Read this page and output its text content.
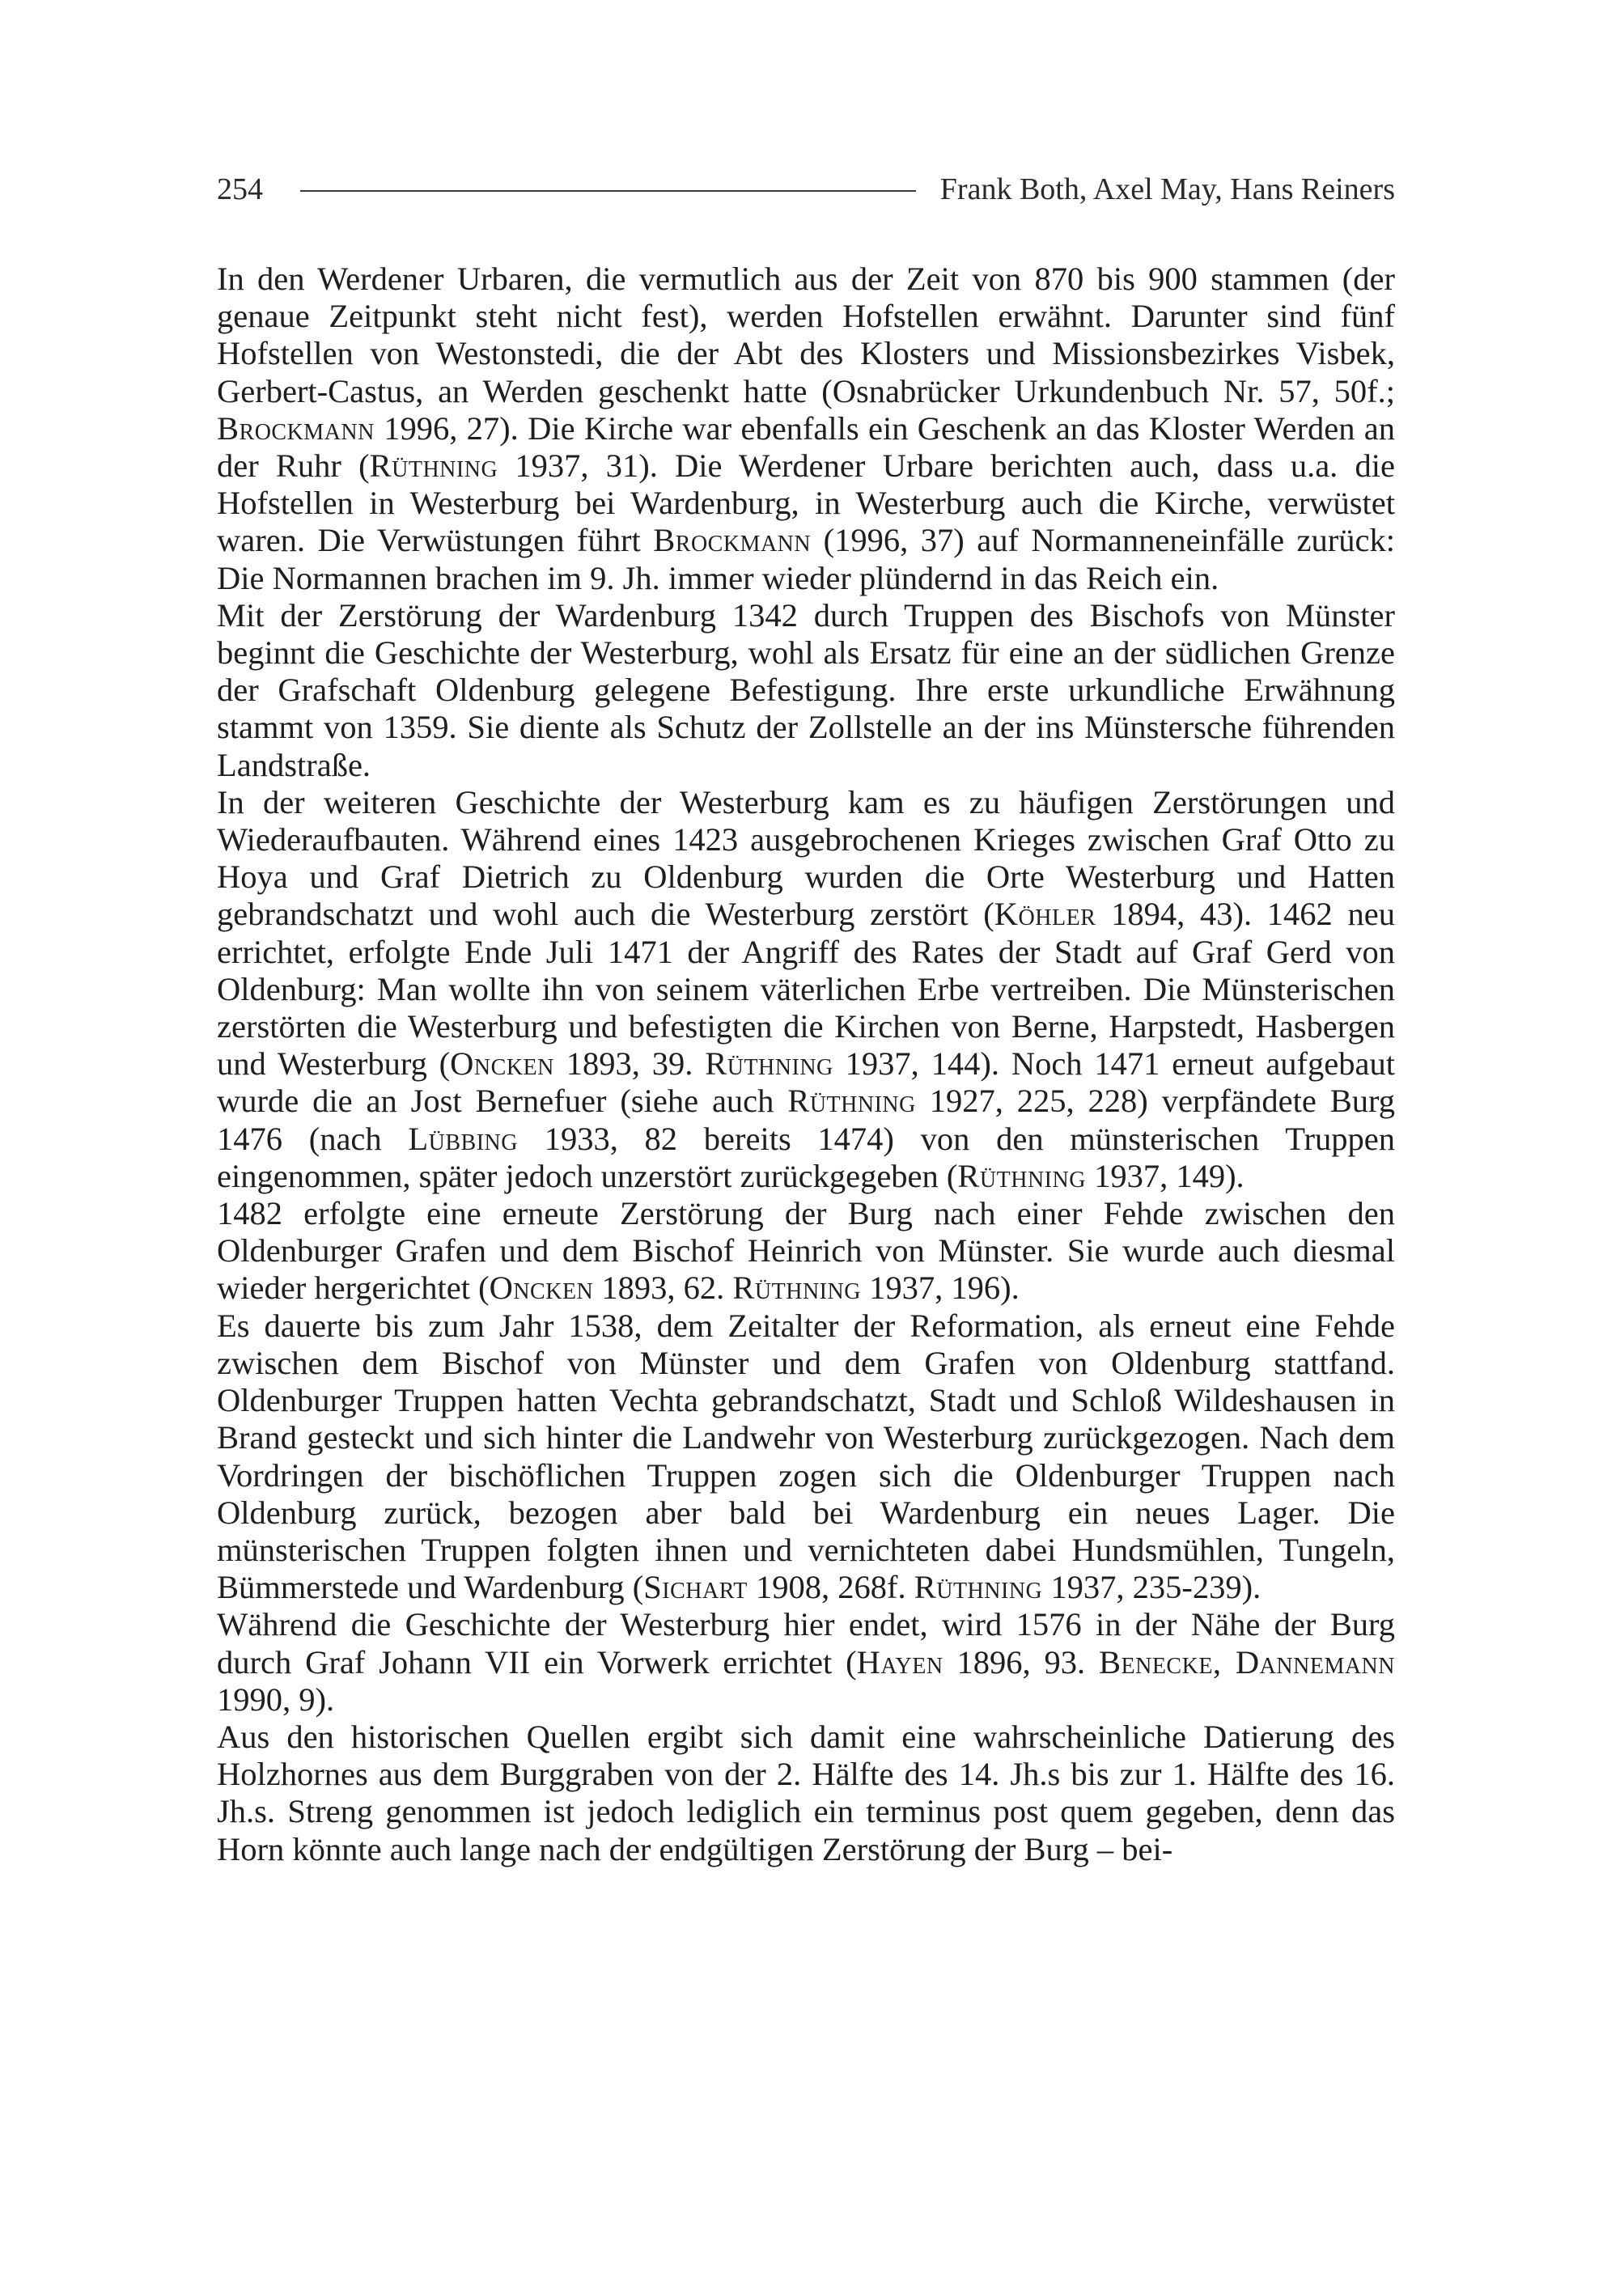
254	Frank Both, Axel May, Hans Reiners

In den Werdener Urbaren, die vermutlich aus der Zeit von 870 bis 900 stammen (der genaue Zeitpunkt steht nicht fest), werden Hofstellen erwähnt. Darunter sind fünf Hofstellen von Westonstedi, die der Abt des Klosters und Missionsbezirkes Visbek, Gerbert-Castus, an Werden geschenkt hatte (Osnabrücker Urkundenbuch Nr. 57, 50f.; Brockmann 1996, 27). Die Kirche war ebenfalls ein Geschenk an das Kloster Werden an der Ruhr (Rüthning 1937, 31). Die Werdener Urbare berichten auch, dass u.a. die Hofstellen in Westerburg bei Wardenburg, in Westerburg auch die Kirche, verwüstet waren. Die Verwüstungen führt Brockmann (1996, 37) auf Normanneneinfälle zurück: Die Normannen brachen im 9. Jh. immer wieder plündernd in das Reich ein.

Mit der Zerstörung der Wardenburg 1342 durch Truppen des Bischofs von Münster beginnt die Geschichte der Westerburg, wohl als Ersatz für eine an der südlichen Grenze der Grafschaft Oldenburg gelegene Befestigung. Ihre erste urkundliche Erwähnung stammt von 1359. Sie diente als Schutz der Zollstelle an der ins Münstersche führenden Landstraße.

In der weiteren Geschichte der Westerburg kam es zu häufigen Zerstörungen und Wiederaufbauten. Während eines 1423 ausgebrochenen Krieges zwischen Graf Otto zu Hoya und Graf Dietrich zu Oldenburg wurden die Orte Westerburg und Hatten gebrandschatzt und wohl auch die Westerburg zerstört (Köhler 1894, 43). 1462 neu errichtet, erfolgte Ende Juli 1471 der Angriff des Rates der Stadt auf Graf Gerd von Oldenburg: Man wollte ihn von seinem väterlichen Erbe vertreiben. Die Münsterischen zerstörten die Westerburg und befestigten die Kirchen von Berne, Harpstedt, Hasbergen und Westerburg (Oncken 1893, 39. Rüthning 1937, 144). Noch 1471 erneut aufgebaut wurde die an Jost Bernefuer (siehe auch Rüthning 1927, 225, 228) verpfändete Burg 1476 (nach Lübbing 1933, 82 bereits 1474) von den münsterischen Truppen eingenommen, später jedoch unzerstört zurückgegeben (Rüthning 1937, 149).

1482 erfolgte eine erneute Zerstörung der Burg nach einer Fehde zwischen den Oldenburger Grafen und dem Bischof Heinrich von Münster. Sie wurde auch diesmal wieder hergerichtet (Oncken 1893, 62. Rüthning 1937, 196).

Es dauerte bis zum Jahr 1538, dem Zeitalter der Reformation, als erneut eine Fehde zwischen dem Bischof von Münster und dem Grafen von Oldenburg stattfand. Oldenburger Truppen hatten Vechta gebrandschatzt, Stadt und Schloß Wildeshausen in Brand gesteckt und sich hinter die Landwehr von Westerburg zurückgezogen. Nach dem Vordringen der bischöflichen Truppen zogen sich die Oldenburger Truppen nach Oldenburg zurück, bezogen aber bald bei Wardenburg ein neues Lager. Die münsterischen Truppen folgten ihnen und vernichteten dabei Hundsmühlen, Tungeln, Bümmerstede und Wardenburg (Sichart 1908, 268f. Rüthning 1937, 235-239).

Während die Geschichte der Westerburg hier endet, wird 1576 in der Nähe der Burg durch Graf Johann VII ein Vorwerk errichtet (Hayen 1896, 93. Benecke, Dannemann 1990, 9).

Aus den historischen Quellen ergibt sich damit eine wahrscheinliche Datierung des Holzhornes aus dem Burggraben von der 2. Hälfte des 14. Jh.s bis zur 1. Hälfte des 16. Jh.s. Streng genommen ist jedoch lediglich ein terminus post quem gegeben, denn das Horn könnte auch lange nach der endgültigen Zerstörung der Burg – bei-
